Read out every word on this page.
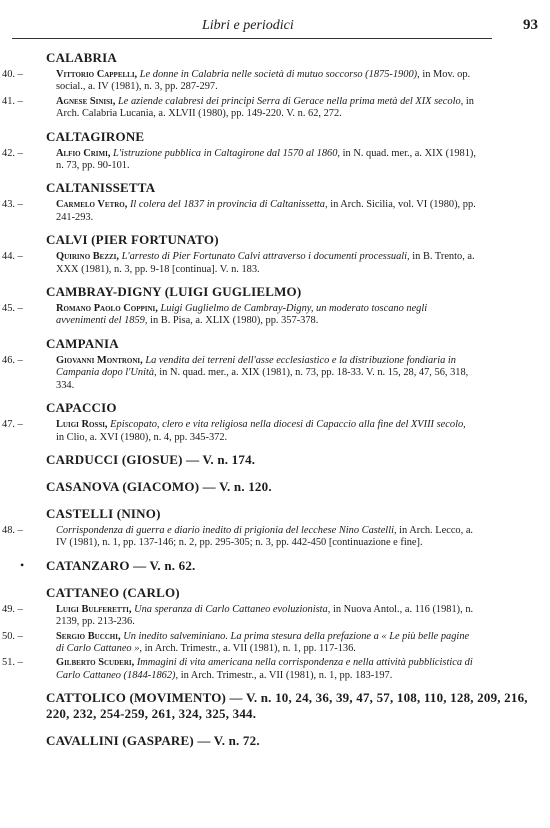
Libri e periodici	93
CALABRIA
40. –	Vittorio Cappelli, Le donne in Calabria nelle società di mutuo soccorso (1875-1900), in Mov. op. social., a. IV (1981), n. 3, pp. 287-297.
41. –	Agnese Sinisi, Le aziende calabresi dei principi Serra di Gerace nella prima metà del XIX secolo, in Arch. Calabria Lucania, a. XLVII (1980), pp. 149-220. V. n. 62, 272.
CALTAGIRONE
42. –	Alfio Crimi, L'istruzione pubblica in Caltagirone dal 1570 al 1860, in N. quad. mer., a. XIX (1981), n. 73, pp. 90-101.
CALTANISSETTA
43. –	Carmelo Vetro, Il colera del 1837 in provincia di Caltanissetta, in Arch. Sicilia, vol. VI (1980), pp. 241-293.
CALVI (PIER FORTUNATO)
44. –	Quirino Bezzi, L'arresto di Pier Fortunato Calvi attraverso i documenti processuali, in B. Trento, a. XXX (1981), n. 3, pp. 9-18 [continua]. V. n. 183.
CAMBRAY-DIGNY (LUIGI GUGLIELMO)
45. –	Romano Paolo Coppini, Luigi Guglielmo de Cambray-Digny, un moderato toscano negli avvenimenti del 1859, in B. Pisa, a. XLIX (1980), pp. 357-378.
CAMPANIA
46. –	Giovanni Montroni, La vendita dei terreni dell'asse ecclesiastico e la distribuzione fondiaria in Campania dopo l'Unità, in N. quad. mer., a. XIX (1981), n. 73, pp. 18-33. V. n. 15, 28, 47, 56, 318, 334.
CAPACCIO
47. –	Luigi Rossi, Episcopato, clero e vita religiosa nella diocesi di Capaccio alla fine del XVIII secolo, in Clio, a. XVI (1980), n. 4, pp. 345-372.
CARDUCCI (GIOSUE) — V. n. 174.
CASANOVA (GIACOMO) — V. n. 120.
CASTELLI (NINO)
48. –	Corrispondenza di guerra e diario inedito di prigionia del lecchese Nino Castelli, in Arch. Lecco, a. IV (1981), n. 1, pp. 137-146; n. 2, pp. 295-305; n. 3, pp. 442-450 [continuazione e fine].
• CATANZARO — V. n. 62.
CATTANEO (CARLO)
49. –	Luigi Bulferetti, Una speranza di Carlo Cattaneo evoluzionista, in Nuova Antol., a. 116 (1981), n. 2139, pp. 213-236.
50. –	Sergio Bucchi, Un inedito salveminiano. La prima stesura della prefazione a « Le più belle pagine di Carlo Cattaneo », in Arch. Trimestr., a. VII (1981), n. 1, pp. 117-136.
51. –	Gilberto Scuderi, Immagini di vita americana nella corrispondenza e nella attività pubblicistica di Carlo Cattaneo (1844-1862), in Arch. Trimestr., a. VII (1981), n. 1, pp. 183-197.
CATTOLICO (MOVIMENTO) — V. n. 10, 24, 36, 39, 47, 57, 108, 110, 128, 209, 216, 220, 232, 254-259, 261, 324, 325, 344.
CAVALLINI (GASPARE) — V. n. 72.
